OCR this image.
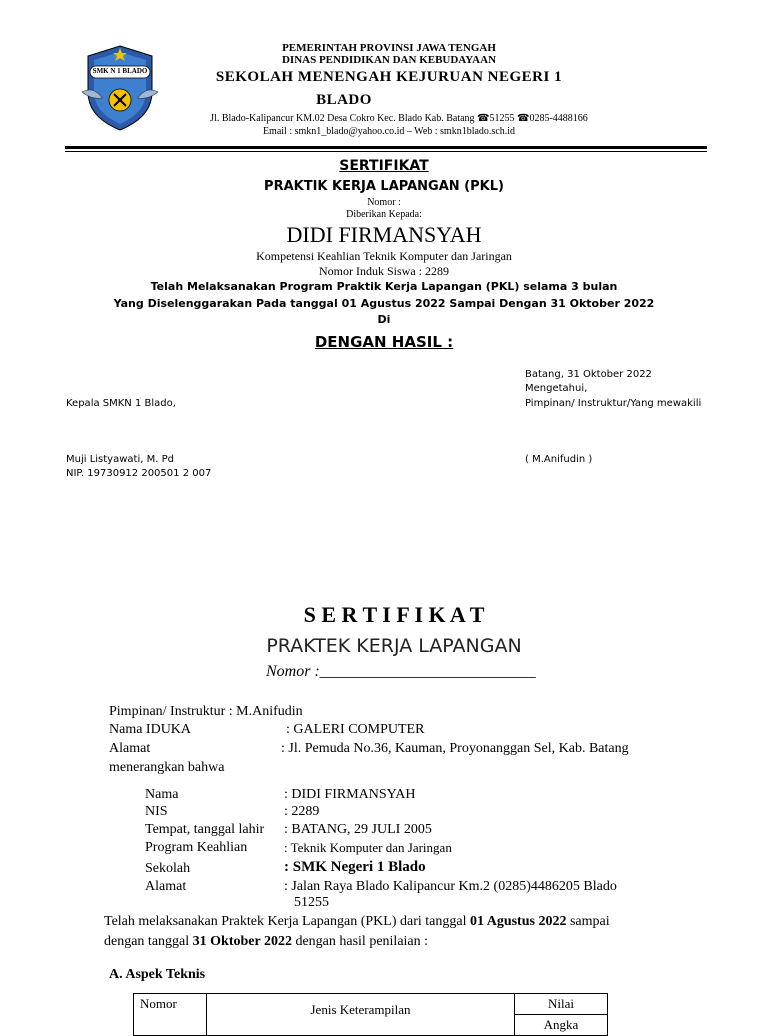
SMK N 1 BLADO
PEMERINTAH PROVINSI JAWA TENGAH
DINAS PENDIDIKAN DAN KEBUDAYAAN
SEKOLAH MENENGAH KEJURUAN NEGERI 1
BLADO
Jl. Blado-Kalipancur KM.02 Desa Cokro Kec. Blado Kab. Batang ☎51255 ☎0285-4488166
Email : smkn1_blado@yahoo.co.id – Web : smkn1blado.sch.id
SERTIFIKAT
PRAKTIK KERJA LAPANGAN (PKL)
Nomor :
Diberikan Kepada:
DIDI FIRMANSYAH
Kompetensi Keahlian Teknik Komputer dan Jaringan
Nomor Induk Siswa : 2289
Telah Melaksanakan Program Praktik Kerja Lapangan (PKL) selama 3 bulan
Yang Diselenggarakan Pada tanggal 01 Agustus 2022 Sampai Dengan 31 Oktober 2022
Di
DENGAN HASIL :
Batang, 31 Oktober 2022
Mengetahui,
Pimpinan/ Instruktur/Yang mewakili
Kepala SMKN 1 Blado,
Muji Listyawati, M. Pd
NIP. 19730912 200501 2 007
( M.Anifudin )
S E R T I F I K A T
PRAKTEK KERJA LAPANGAN
Nomor :___________________________
Pimpinan/ Instruktur : M.Anifudin
Nama IDUKA	: GALERI COMPUTER
Alamat	: Jl. Pemuda No.36, Kauman, Proyonanggan Sel, Kab. Batang
menerangkan bahwa
Nama	: DIDI FIRMANSYAH
NIS	: 2289
Tempat, tanggal lahir : BATANG, 29 JULI 2005
Program Keahlian	: Teknik Komputer dan Jaringan
Sekolah	: SMK Negeri 1 Blado
Alamat	: Jalan Raya Blado Kalipancur Km.2 (0285)4486205 Blado
51255
Telah melaksanakan Praktek Kerja Lapangan (PKL) dari tanggal 01 Agustus 2022 sampai
dengan tanggal 31 Oktober 2022 dengan hasil penilaian :
A. Aspek Teknis
Nomor	Jenis Keterampilan	Nilai
Angka
